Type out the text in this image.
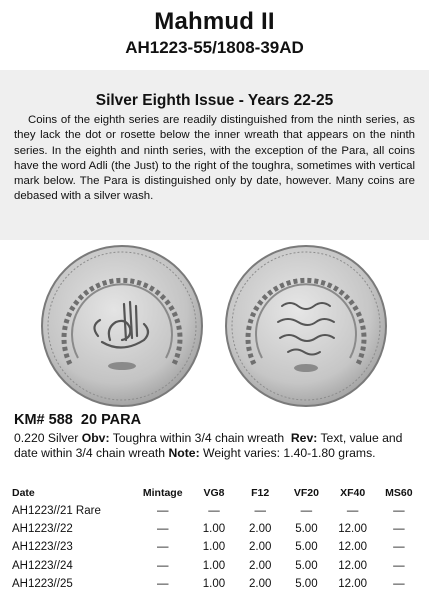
Mahmud II
AH1223-55/1808-39AD
Silver Eighth Issue - Years 22-25
Coins of the eighth series are readily distinguished from the ninth series, as they lack the dot or rosette below the inner wreath that appears on the ninth series. In the eighth and ninth series, with the exception of the Para, all coins have the word Adli (the Just) to the right of the toughra, sometimes with vertical mark below. The Para is distinguished only by date, however. Many coins are debased with a silver wash.
KM# 588 20 PARA
0.220 Silver Obv: Toughra within 3/4 chain wreath Rev: Text, value and date within 3/4 chain wreath Note: Weight varies: 1.40-1.80 grams.
Date	Mintage	VG8	F12	VF20	XF40	MS60
AH1223//21 Rare	—	—	—	—	—	—
AH1223//22	—	1.00	2.00	5.00	12.00	—
AH1223//23	—	1.00	2.00	5.00	12.00	—
AH1223//24	—	1.00	2.00	5.00	12.00	—
AH1223//25	—	1.00	2.00	5.00	12.00	—
